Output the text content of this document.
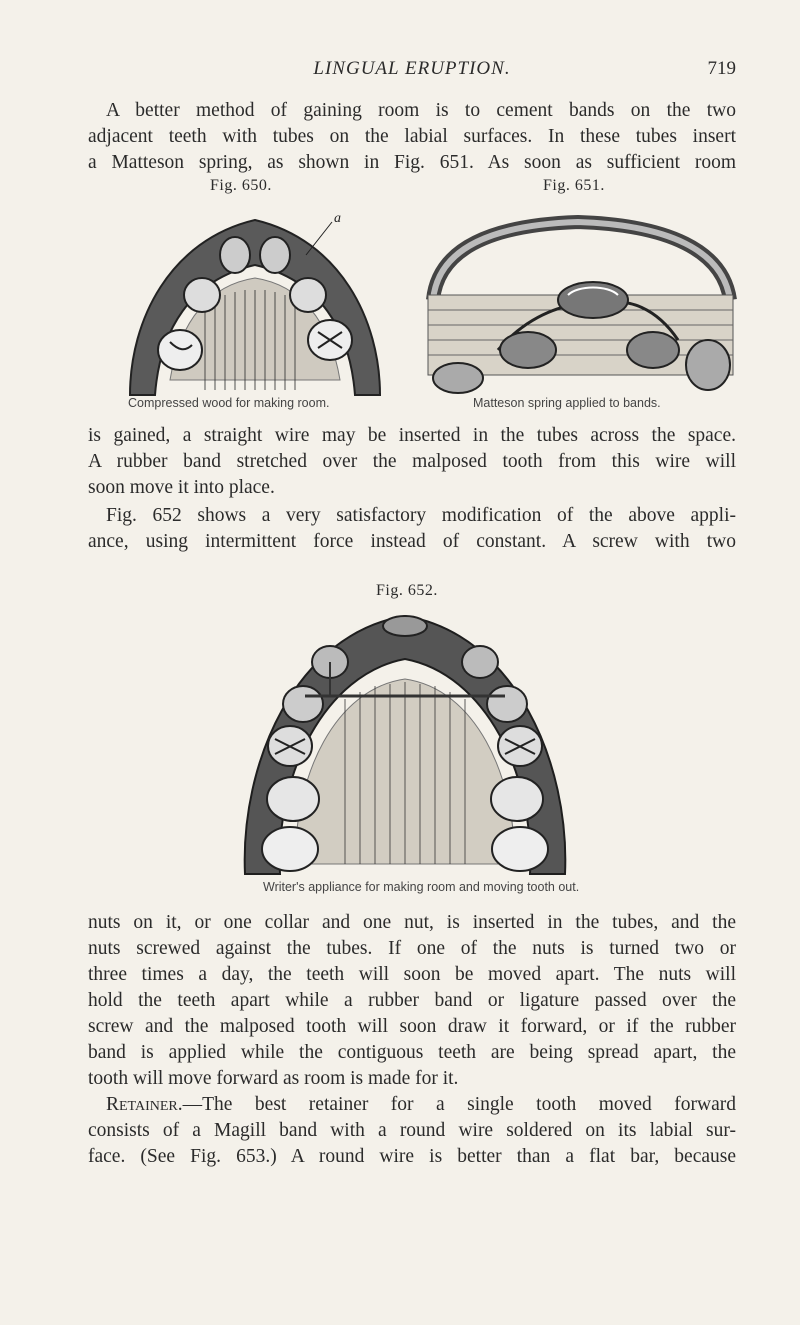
LINGUAL ERUPTION.	719
A better method of gaining room is to cement bands on the two
adjacent teeth with tubes on the labial surfaces. In these tubes insert
a Matteson spring, as shown in Fig. 651. As soon as sufficient room
Fig. 650.	Fig. 651.
a
Compressed wood for making room.	Matteson spring applied to bands.
is gained, a straight wire may be inserted in the tubes across the space.
A rubber band stretched over the malposed tooth from this wire will
soon move it into place.
Fig. 652 shows a very satisfactory modification of the above appli-
ance, using intermittent force instead of constant. A screw with two
Fig. 652.
Writer's appliance for making room and moving tooth out.
nuts on it, or one collar and one nut, is inserted in the tubes, and the
nuts screwed against the tubes. If one of the nuts is turned two or
three times a day, the teeth will soon be moved apart. The nuts will
hold the teeth apart while a rubber band or ligature passed over the
screw and the malposed tooth will soon draw it forward, or if the rubber
band is applied while the contiguous teeth are being spread apart, the
tooth will move forward as room is made for it.
Retainer.—The best retainer for a single tooth moved forward
consists of a Magill band with a round wire soldered on its labial sur-
face. (See Fig. 653.) A round wire is better than a flat bar, because
